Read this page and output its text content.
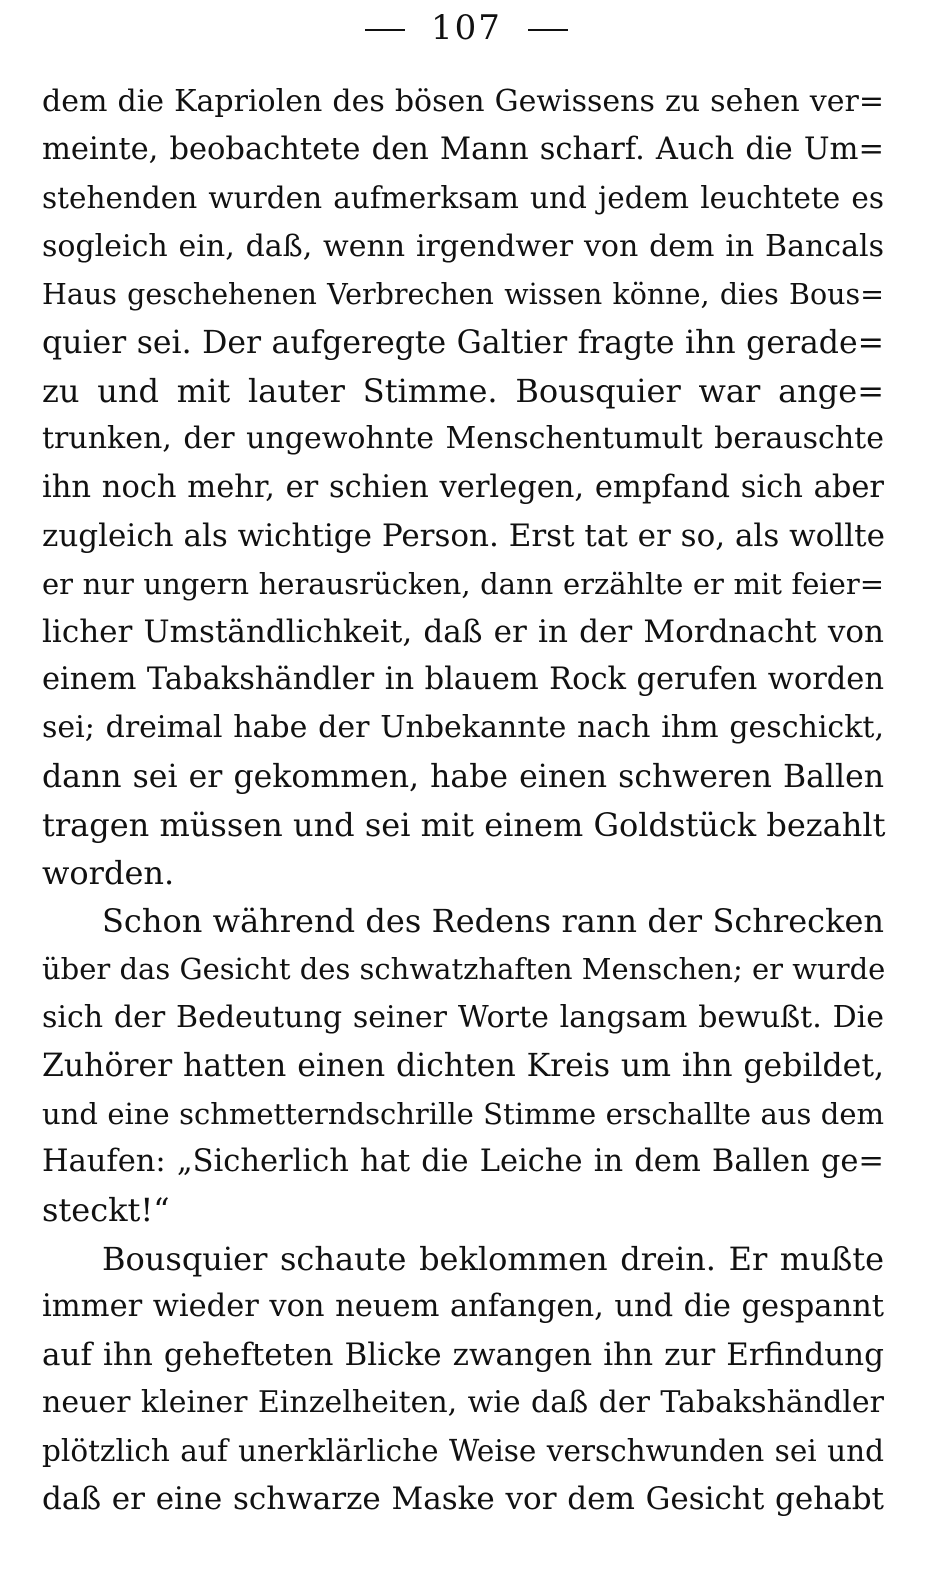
107
dem die Kapriolen des bösen Gewissens zu sehen ver=
meinte, beobachtete den Mann scharf. Auch die Um=
stehenden wurden aufmerksam und jedem leuchtete es
sogleich ein, daß, wenn irgendwer von dem in Bancals
Haus geschehenen Verbrechen wissen könne, dies Bous=
quier sei. Der aufgeregte Galtier fragte ihn gerade=
zu und mit lauter Stimme. Bousquier war ange=
trunken, der ungewohnte Menschentumult berauschte
ihn noch mehr, er schien verlegen, empfand sich aber
zugleich als wichtige Person. Erst tat er so, als wollte
er nur ungern herausrücken, dann erzählte er mit feier=
licher Umständlichkeit, daß er in der Mordnacht von
einem Tabakshändler in blauem Rock gerufen worden
sei; dreimal habe der Unbekannte nach ihm geschickt,
dann sei er gekommen, habe einen schweren Ballen
tragen müssen und sei mit einem Goldstück bezahlt
worden.
Schon während des Redens rann der Schrecken
über das Gesicht des schwatzhaften Menschen; er wurde
sich der Bedeutung seiner Worte langsam bewußt. Die
Zuhörer hatten einen dichten Kreis um ihn gebildet,
und eine schmetterndschrille Stimme erschallte aus dem
Haufen: „Sicherlich hat die Leiche in dem Ballen ge=
steckt!“
Bousquier schaute beklommen drein. Er mußte
immer wieder von neuem anfangen, und die gespannt
auf ihn gehefteten Blicke zwangen ihn zur Erfindung
neuer kleiner Einzelheiten, wie daß der Tabakshändler
plötzlich auf unerklärliche Weise verschwunden sei und
daß er eine schwarze Maske vor dem Gesicht gehabt
